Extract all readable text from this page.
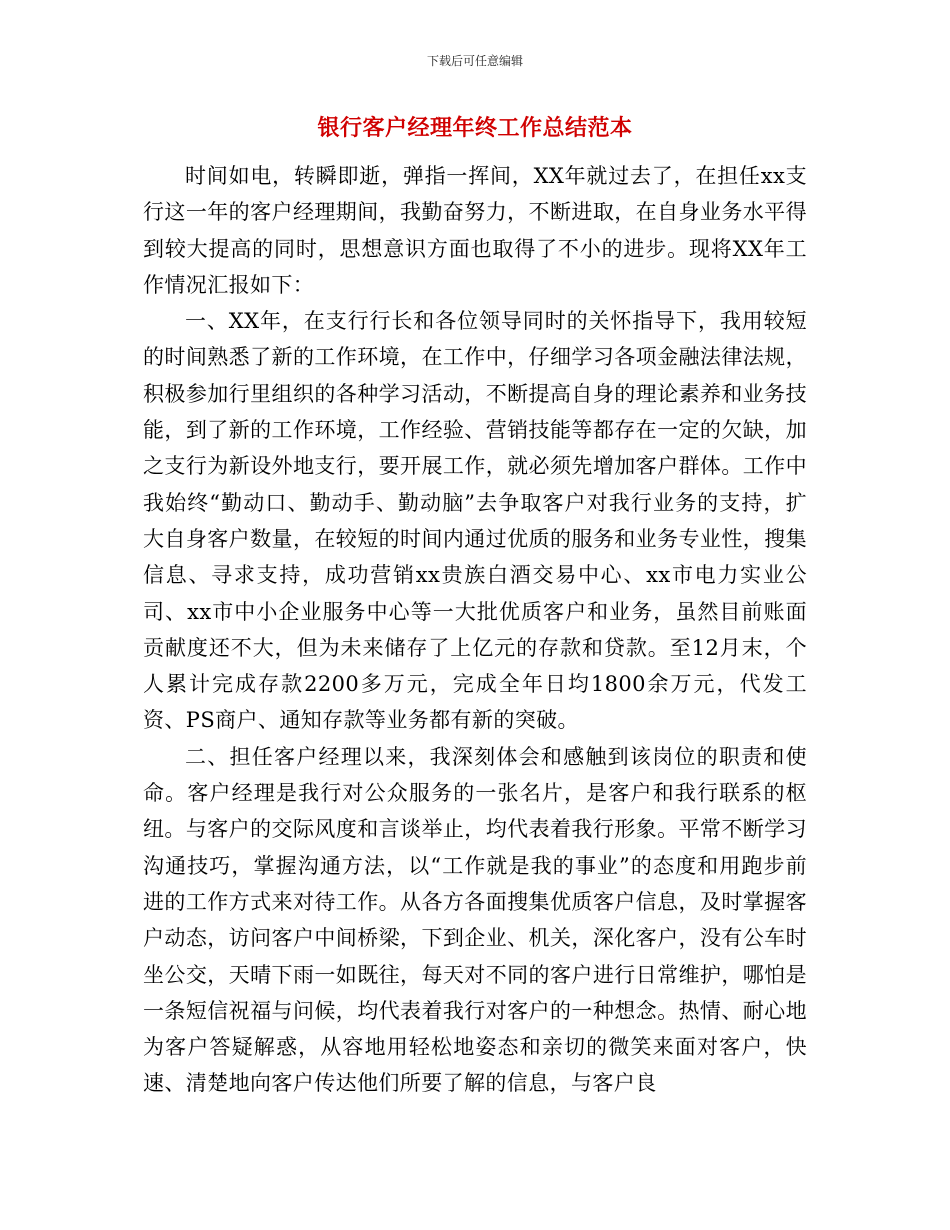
下载后可任意编辑
银行客户经理年终工作总结范本

时间如电，转瞬即逝，弹指一挥间，XX年就过去了，在担任xx支行这一年的客户经理期间，我勤奋努力，不断进取，在自身业务水平得到较大提高的同时，思想意识方面也取得了不小的进步。现将XX年工作情况汇报如下：

一、XX年，在支行行长和各位领导同时的关怀指导下，我用较短的时间熟悉了新的工作环境，在工作中，仔细学习各项金融法律法规，积极参加行里组织的各种学习活动，不断提高自身的理论素养和业务技能，到了新的工作环境，工作经验、营销技能等都存在一定的欠缺，加之支行为新设外地支行，要开展工作，就必须先增加客户群体。工作中我始终“勤动口、勤动手、勤动脑”去争取客户对我行业务的支持，扩大自身客户数量，在较短的时间内通过优质的服务和业务专业性，搜集信息、寻求支持，成功营销xx贵族白酒交易中心、xx市电力实业公司、xx市中小企业服务中心等一大批优质客户和业务，虽然目前账面贡献度还不大，但为未来储存了上亿元的存款和贷款。至12月末，个人累计完成存款2200多万元，完成全年日均1800余万元，代发工资、PS商户、通知存款等业务都有新的突破。

二、担任客户经理以来，我深刻体会和感触到该岗位的职责和使命。客户经理是我行对公众服务的一张名片，是客户和我行联系的枢纽。与客户的交际风度和言谈举止，均代表着我行形象。平常不断学习沟通技巧，掌握沟通方法，以“工作就是我的事业”的态度和用跑步前进的工作方式来对待工作。从各方各面搜集优质客户信息，及时掌握客户动态，访问客户中间桥梁，下到企业、机关，深化客户，没有公车时坐公交，天晴下雨一如既往，每天对不同的客户进行日常维护，哪怕是一条短信祝福与问候，均代表着我行对客户的一种想念。热情、耐心地为客户答疑解惑，从容地用轻松地姿态和亲切的微笑来面对客户，快速、清楚地向客户传达他们所要了解的信息，与客户良
